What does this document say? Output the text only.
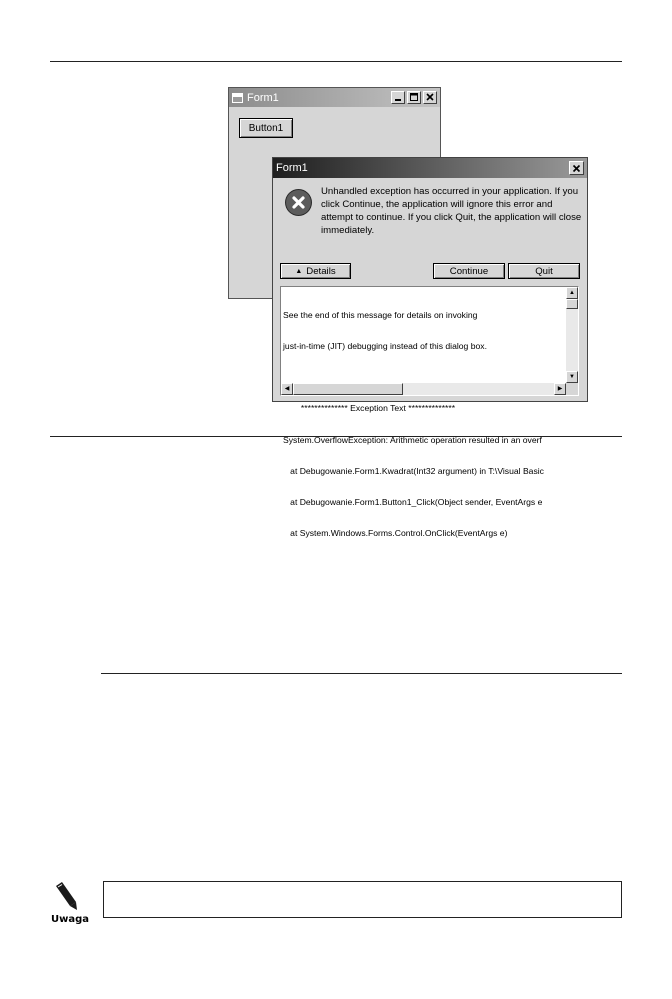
Form1
Button1
Form1
Unhandled exception has occurred in your application. If you click Continue, the application will ignore this error and attempt to continue. If you click Quit, the application will close immediately.
▲ Details	Continue	Quit

See the end of this message for details on invoking

just-in-time (JIT) debugging instead of this dialog box.

************** Exception Text **************

System.OverflowException: Arithmetic operation resulted in an overf

at Debugowanie.Form1.Kwadrat(Int32 argument) in T:\Visual Basic

at Debugowanie.Form1.Button1_Click(Object sender, EventArgs e

at System.Windows.Forms.Control.OnClick(EventArgs e)

▲
▼
◀	▶
Uwaga
